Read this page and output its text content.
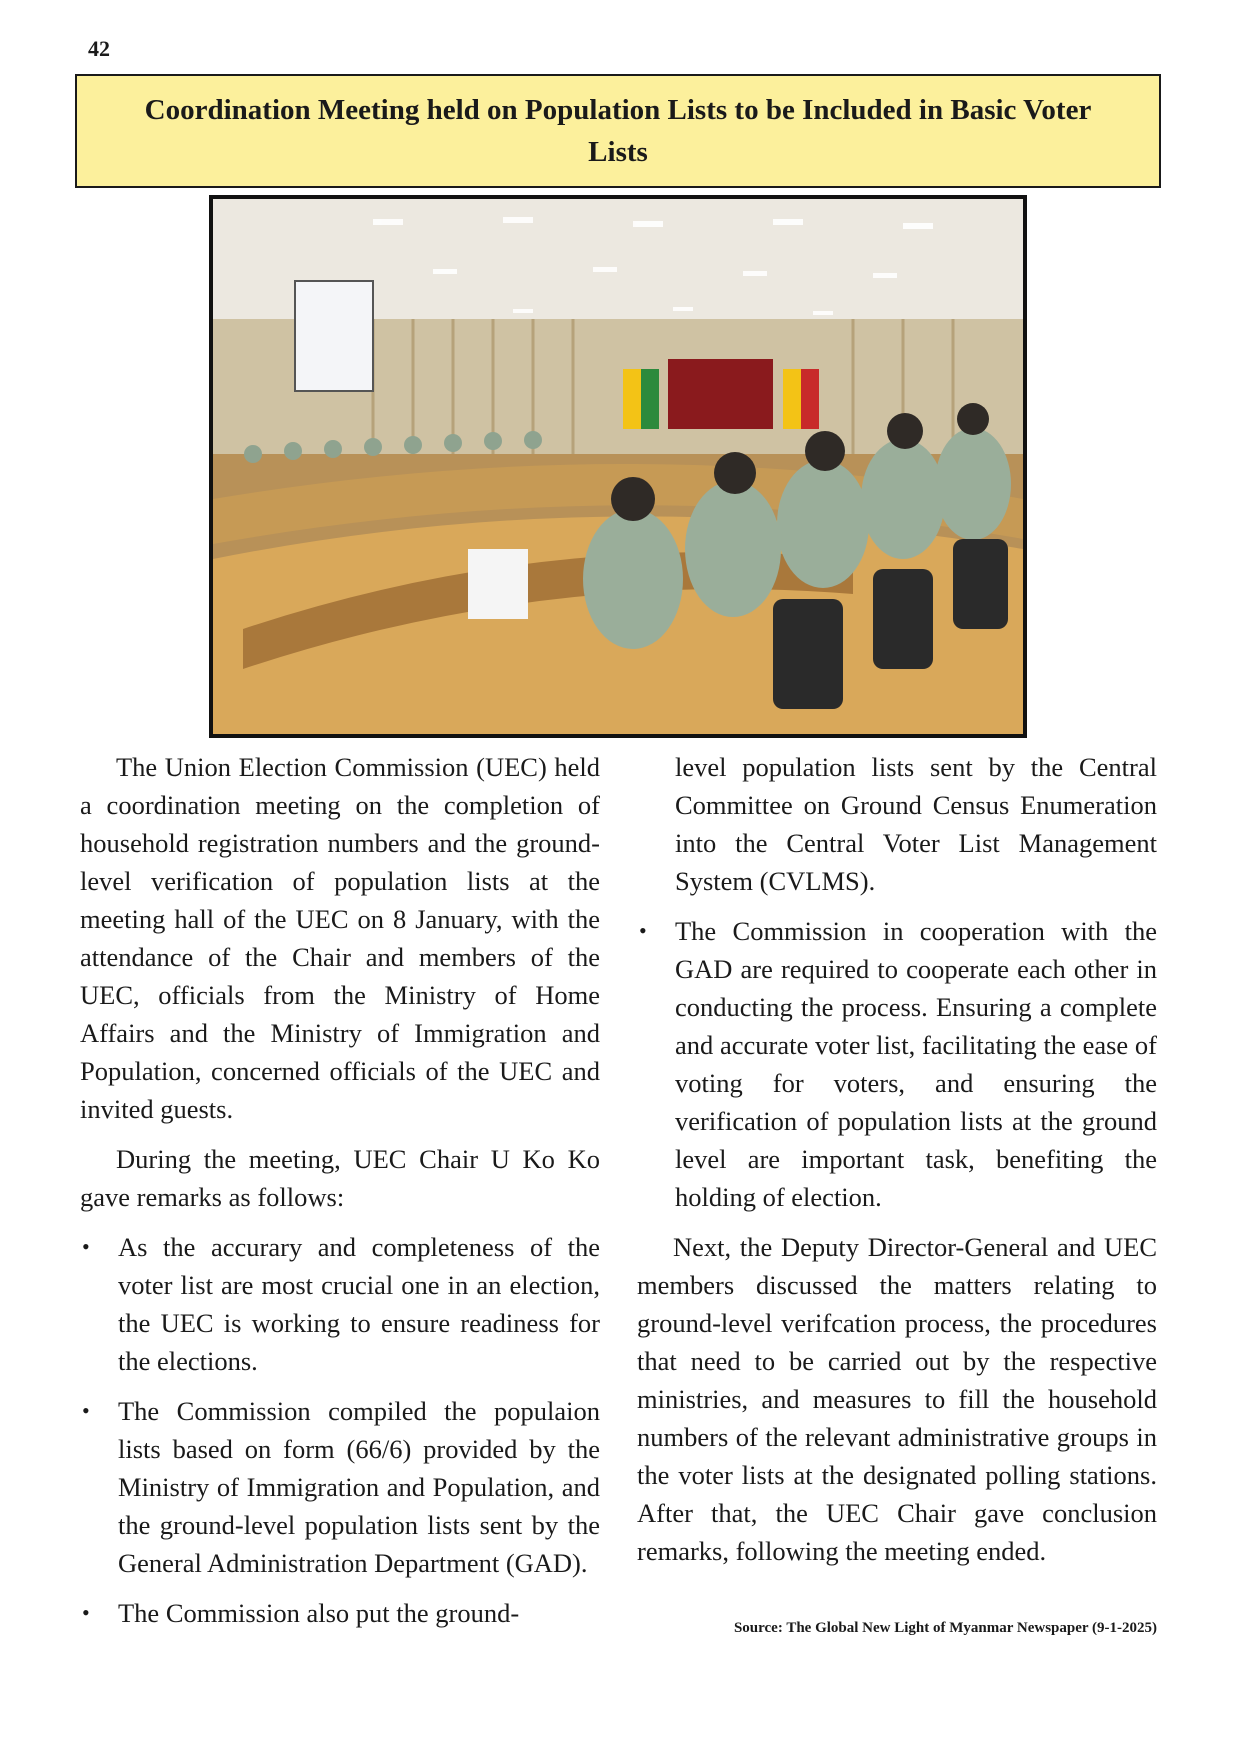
42
Coordination Meeting held on Population Lists to be Included in Basic Voter Lists

The Union Election Commission (UEC) held a coordination meeting on the completion of household registration numbers and the ground-level verification of population lists at the meeting hall of the UEC on 8 January, with the attendance of the Chair and members of the UEC, officials from the Ministry of Home Affairs and the Ministry of Immigration and Population, concerned officials of the UEC and invited guests.

During the meeting, UEC Chair U Ko Ko gave remarks as follows:

• As the accurary and completeness of the voter list are most crucial one in an election, the UEC is working to ensure readiness for the elections.
• The Commission compiled the populaion lists based on form (66/6) provided by the Ministry of Immigration and Population, and the ground-level population lists sent by the General Administration Department (GAD).
• The Commission also put the ground-

level population lists sent by the Central Committee on Ground Census Enumeration into the Central Voter List Management System (CVLMS).

• The Commission in cooperation with the GAD are required to cooperate each other in conducting the process. Ensuring a complete and accurate voter list, facilitating the ease of voting for voters, and ensuring the verification of population lists at the ground level are important task, benefiting the holding of election.

Next, the Deputy Director-General and UEC members discussed the matters relating to ground-level verifcation process, the procedures that need to be carried out by the respective ministries, and measures to fill the household numbers of the relevant administrative groups in the voter lists at the designated polling stations. After that, the UEC Chair gave conclusion remarks, following the meeting ended.

Source: The Global New Light of Myanmar Newspaper (9-1-2025)
